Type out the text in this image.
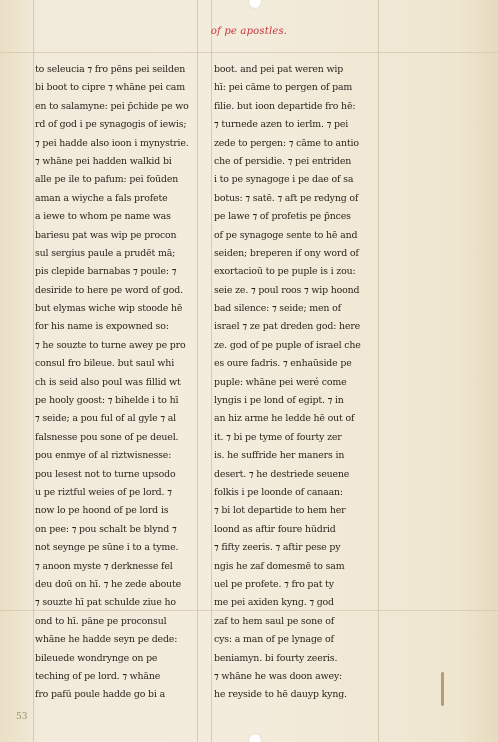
of pe apostles.
to seleucia ⁊ fro pēns pei seilden
bi boot to cipre ⁊ whāne pei cam
en to salamyne: pei p̄chide pe wo
rd of god i pe synagogis of iewis;
⁊ pei hadde also ioon i mynystrie.
⁊ whāne pei hadden walkid bi
alle pe ile to pafum: pei foūden
aman a wiyche a fals profete
a iewe to whom pe name was
bariesu pat was wip pe procon
sul sergius paule a prudēt mā;
pis clepide barnabas ⁊ poule: ⁊
desiride to here pe word of god.
but elymas wiche wip stoode hē
for his name is expowned so:
⁊ he souzte to turne awey pe pro
consul fro bileue. but saul whi
ch is seid also poul was fillid wt
pe hooly goost: ⁊ bihelde i to hī
⁊ seide; a pou ful of al gyle ⁊ al
falsnesse pou sone of pe deuel.
pou enmye of al riztwisnesse:
pou lesest not to turne upsodo
u pe riztful weies of pe lord. ⁊
now lo pe hoond of pe lord is
on pee: ⁊ pou schalt be blynd ⁊
not seynge pe sūne i to a tyme.
⁊ anoon myste ⁊ derknesse fel
deu doū on hī. ⁊ he zede aboute
⁊ souzte hī pat schulde ziue ho
ond to hī. pāne pe proconsul
whāne he hadde seyn pe dede:
bileuede wondrynge on pe
teching of pe lord. ⁊ whāne
fro pafū poule hadde go bi a
boot. and pei pat weren wip
hī: pei cāme to pergen of pam
filie. but ioon departide fro hē:
⁊ turnede azen to ierlm. ⁊ pei
zede to pergen: ⁊ cāme to antio
che of persidie. ⁊ pei entriden
i to pe synagoge i pe dae of sa
botus: ⁊ satē. ⁊ aft pe redyng of
pe lawe ⁊ of profetis pe p̄nces
of pe synagoge sente to hē and
seiden; breperen if ony word of
exortacioū to pe puple is i zou:
seie ze. ⁊ poul roos ⁊ wip hoond
bad silence: ⁊ seide; men of
israel ⁊ ze pat dreden god: here
ze. god of pe puple of israel che
es oure fadris. ⁊ enhaūside pe
puple: whāne pei weré come
lyngis i pe lond of egipt. ⁊ in
an hiz arme he ledde hē out of
it. ⁊ bi pe tyme of fourty zer
is. he suffride her maners in
desert. ⁊ he destriede seuene
folkis i pe loonde of canaan:
⁊ bi lot departide to hem her
loond as aftir foure hūdrid
⁊ fifty zeeris. ⁊ aftir pese py
ngis he zaf domesmē to sam
uel pe profete. ⁊ fro pat ty
me pei axiden kyng. ⁊ god
zaf to hem saul pe sone of
cys: a man of pe lynage of
beniamyn. bi fourty zeeris.
⁊ whāne he was doon awey:
he reyside to hē dauyp kyng.
53
